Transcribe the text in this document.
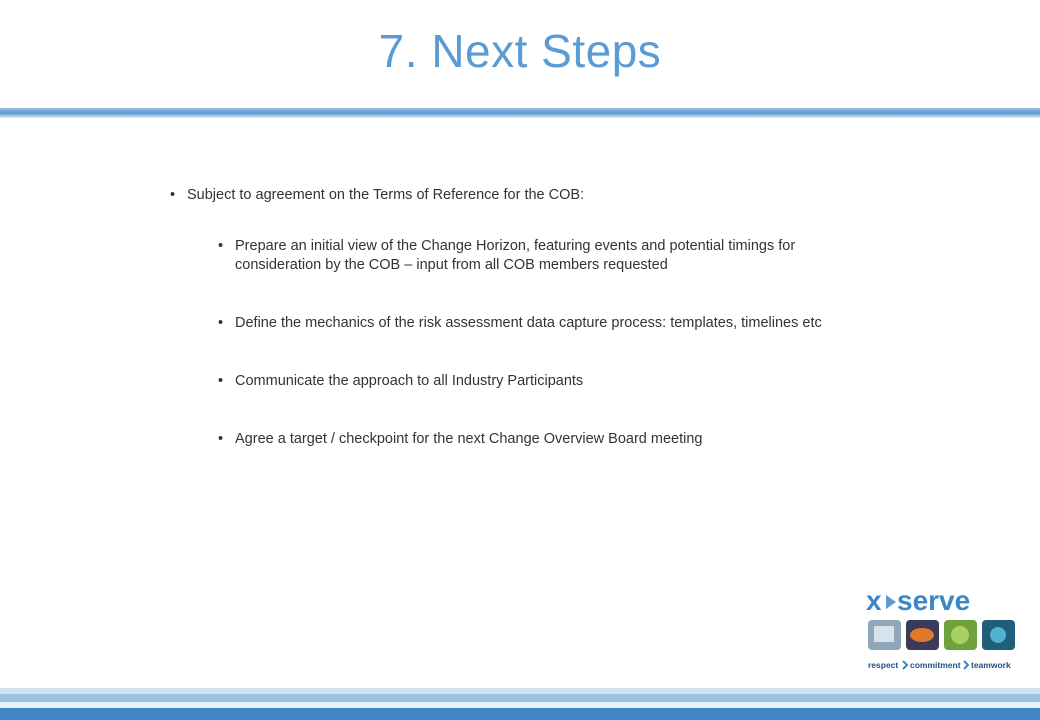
7. Next Steps
• Subject to agreement on the Terms of Reference for the COB:
• Prepare an initial view of the Change Horizon, featuring events and potential timings for consideration by the COB – input from all COB members requested
• Define the mechanics of the risk assessment data capture process: templates, timelines etc
• Communicate the approach to all Industry Participants
• Agree a target / checkpoint for the next Change Overview Board meeting
x serve
respect commitment teamwork
